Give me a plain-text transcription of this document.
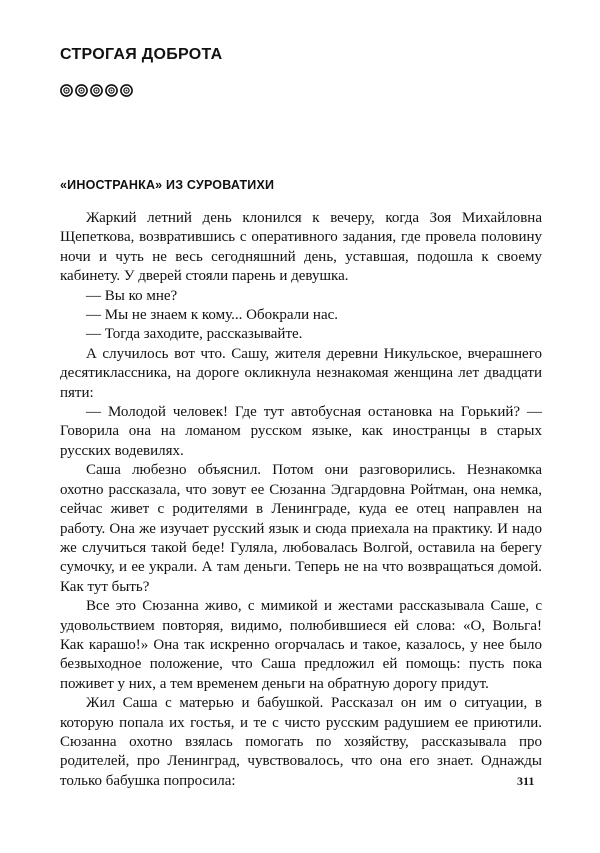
СТРОГАЯ ДОБРОТА
«ИНОСТРАНКА» ИЗ СУРОВАТИХИ

Жаркий летний день клонился к вечеру, когда Зоя Михайловна Щепеткова, возвратившись с оперативного задания, где провела половину ночи и чуть не весь сегодняшний день, уставшая, подошла к своему кабинету. У дверей стояли парень и девушка.

— Вы ко мне?

— Мы не знаем к кому... Обокрали нас.

— Тогда заходите, рассказывайте.

А случилось вот что. Сашу, жителя деревни Никульское, вчерашнего десятиклассника, на дороге окликнула незнакомая женщина лет двадцати пяти:

— Молодой человек! Где тут автобусная остановка на Горький? — Говорила она на ломаном русском языке, как иностранцы в старых русских водевилях.

Саша любезно объяснил. Потом они разговорились. Незнакомка охотно рассказала, что зовут ее Сюзанна Эдгардовна Ройтман, она немка, сейчас живет с родителями в Ленинграде, куда ее отец направлен на работу. Она же изучает русский язык и сюда приехала на практику. И надо же случиться такой беде! Гуляла, любовалась Волгой, оставила на берегу сумочку, и ее украли. А там деньги. Теперь не на что возвращаться домой. Как тут быть?

Все это Сюзанна живо, с мимикой и жестами рассказывала Саше, с удовольствием повторяя, видимо, полюбившиеся ей слова: «О, Вольга! Как карашо!» Она так искренно огорчалась и такое, казалось, у нее было безвыходное положение, что Саша предложил ей помощь: пусть пока поживет у них, а тем временем деньги на обратную дорогу придут.

Жил Саша с матерью и бабушкой. Рассказал он им о ситуации, в которую попала их гостья, и те с чисто русским радушием ее приютили. Сюзанна охотно взялась помогать по хозяйству, рассказывала про родителей, про Ленинград, чувствовалось, что она его знает. Однажды только бабушка попросила:	311
